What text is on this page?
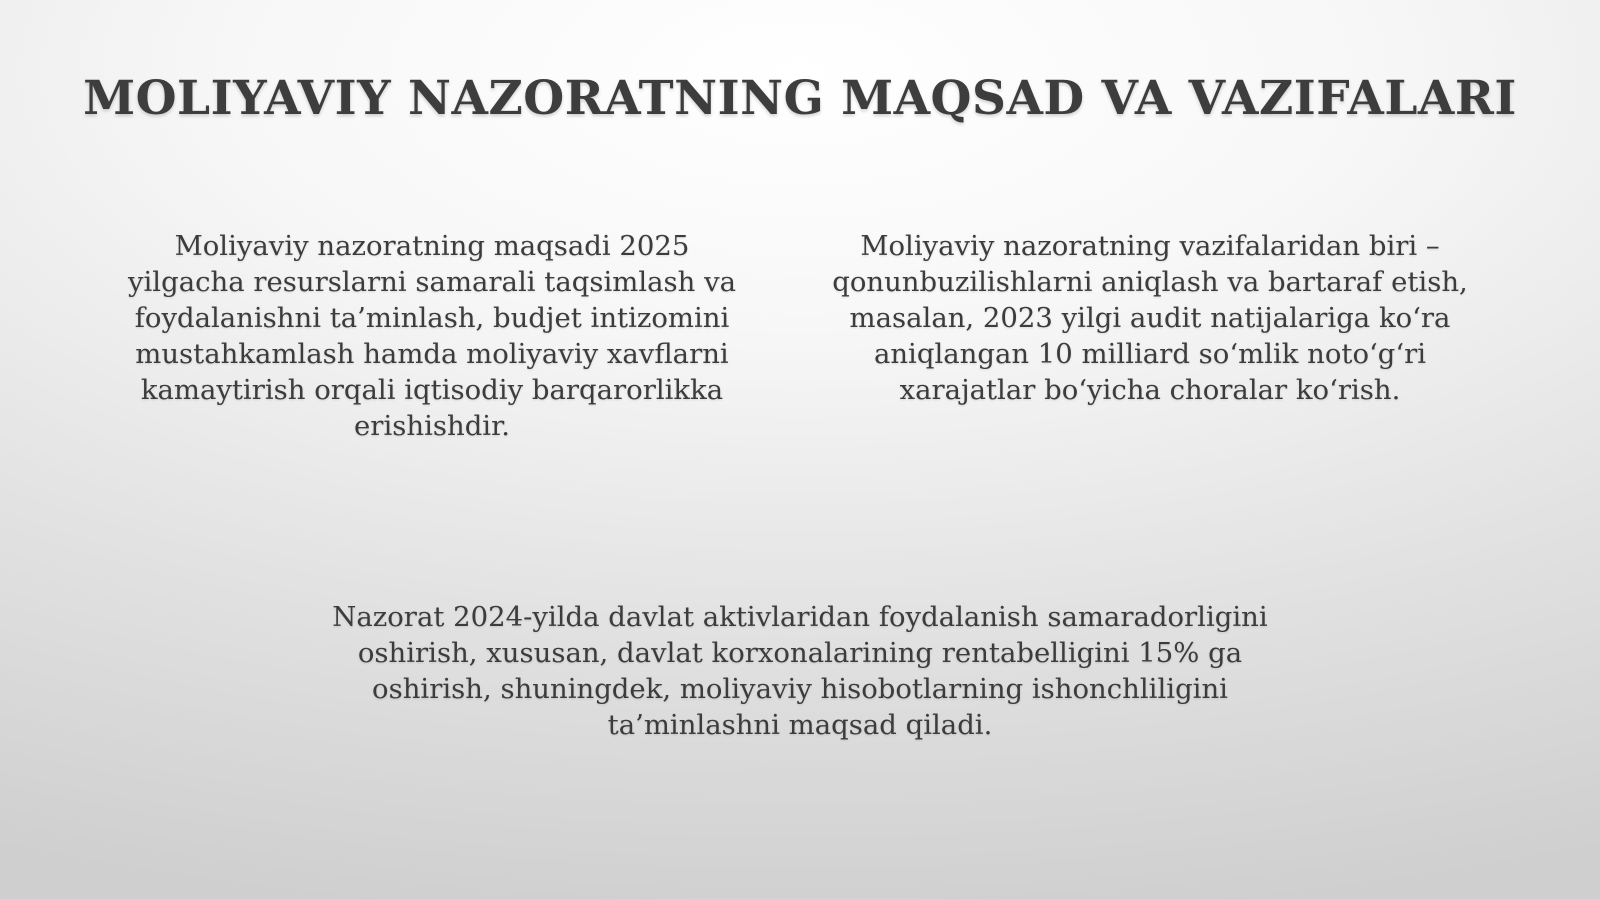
MOLIYAVIY NAZORATNING MAQSAD VA VAZIFALARI
Moliyaviy nazoratning maqsadi 2025 yilgacha resurslarni samarali taqsimlash va foydalanishni ta’minlash, budjet intizomini mustahkamlash hamda moliyaviy xavflarni kamaytirish orqali iqtisodiy barqarorlikka erishishdir.
Moliyaviy nazoratning vazifalaridan biri – qonunbuzilishlarni aniqlash va bartaraf etish, masalan, 2023 yilgi audit natijalariga ko‘ra aniqlangan 10 milliard so‘mlik noto‘g‘ri xarajatlar bo‘yicha choralar ko‘rish.
Nazorat 2024-yilda davlat aktivlaridan foydalanish samaradorligini oshirish, xususan, davlat korxonalarining rentabelligini 15% ga oshirish, shuningdek, moliyaviy hisobotlarning ishonchliligini ta’minlashni maqsad qiladi.
